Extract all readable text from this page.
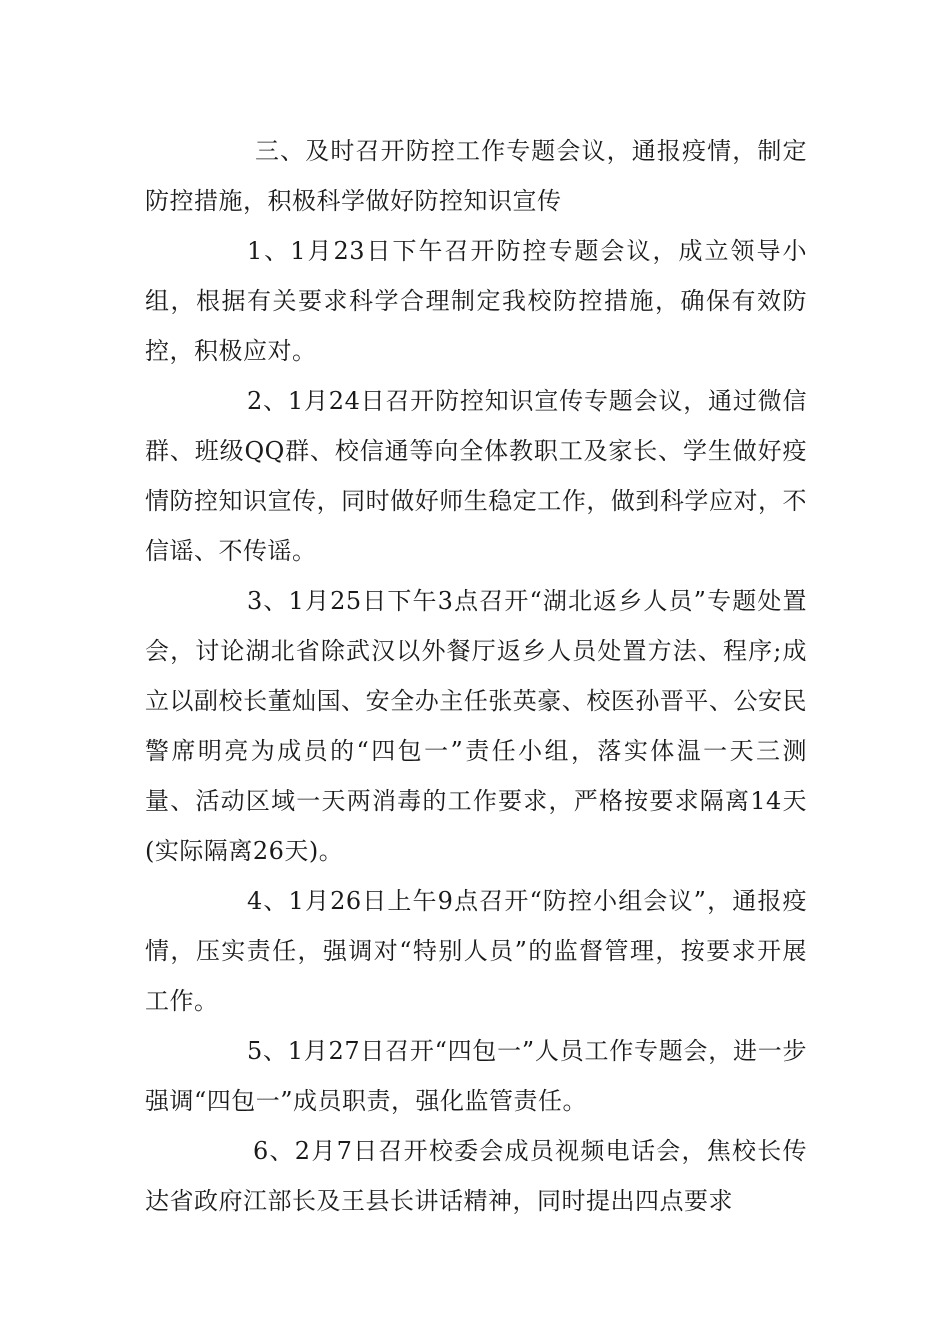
三、及时召开防控工作专题会议，通报疫情，制定防控措施，积极科学做好防控知识宣传

1、1月23日下午召开防控专题会议，成立领导小组，根据有关要求科学合理制定我校防控措施，确保有效防控，积极应对。

2、1月24日召开防控知识宣传专题会议，通过微信群、班级QQ群、校信通等向全体教职工及家长、学生做好疫情防控知识宣传，同时做好师生稳定工作，做到科学应对，不信谣、不传谣。

3、1月25日下午3点召开“湖北返乡人员”专题处置会，讨论湖北省除武汉以外餐厅返乡人员处置方法、程序;成立以副校长董灿国、安全办主任张英豪、校医孙晋平、公安民警席明亮为成员的“四包一”责任小组，落实体温一天三测量、活动区域一天两消毒的工作要求，严格按要求隔离14天(实际隔离26天)。

4、1月26日上午9点召开“防控小组会议”，通报疫情，压实责任，强调对“特别人员”的监督管理，按要求开展工作。

5、1月27日召开“四包一”人员工作专题会，进一步强调“四包一”成员职责，强化监管责任。

6、2月7日召开校委会成员视频电话会，焦校长传达省政府江部长及王县长讲话精神，同时提出四点要求
